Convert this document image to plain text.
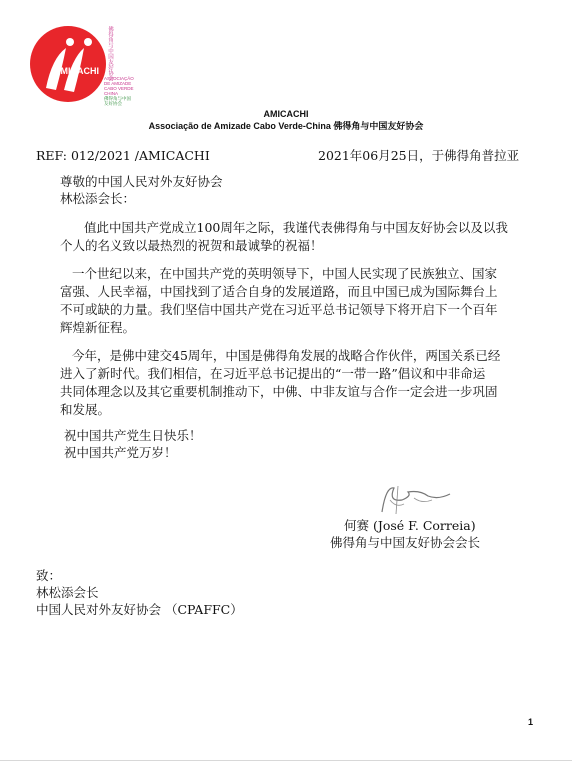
AMICACHI 佛得角与中国友好协会
ASSOCIAÇÃO
DE AMIZADE
CABO VERDE
CHINA
佛得角与中国
友好协会
AMICACHI
Associação de Amizade Cabo Verde-China 佛得角与中国友好协会
REF: 012/2021 /AMICACHI	2021年06月25日，于佛得角普拉亚
尊敬的中国人民对外友好协会
林松添会长：
值此中国共产党成立100周年之际，我谨代表佛得角与中国友好协会以及以我
个人的名义致以最热烈的祝贺和最诚挚的祝福！
一个世纪以来，在中国共产党的英明领导下，中国人民实现了民族独立、国家
富强、人民幸福，中国找到了适合自身的发展道路，而且中国已成为国际舞台上
不可或缺的力量。我们坚信中国共产党在习近平总书记领导下将开启下一个百年
辉煌新征程。
今年，是佛中建交45周年，中国是佛得角发展的战略合作伙伴，两国关系已经
进入了新时代。我们相信，在习近平总书记提出的“一带一路”倡议和中非命运
共同体理念以及其它重要机制推动下，中佛、中非友谊与合作一定会进一步巩固
和发展。
祝中国共产党生日快乐！
祝中国共产党万岁！
何赛 (José F. Correia)
佛得角与中国友好协会会长
致：
林松添会长
中国人民对外友好协会 （CPAFFC）
1
